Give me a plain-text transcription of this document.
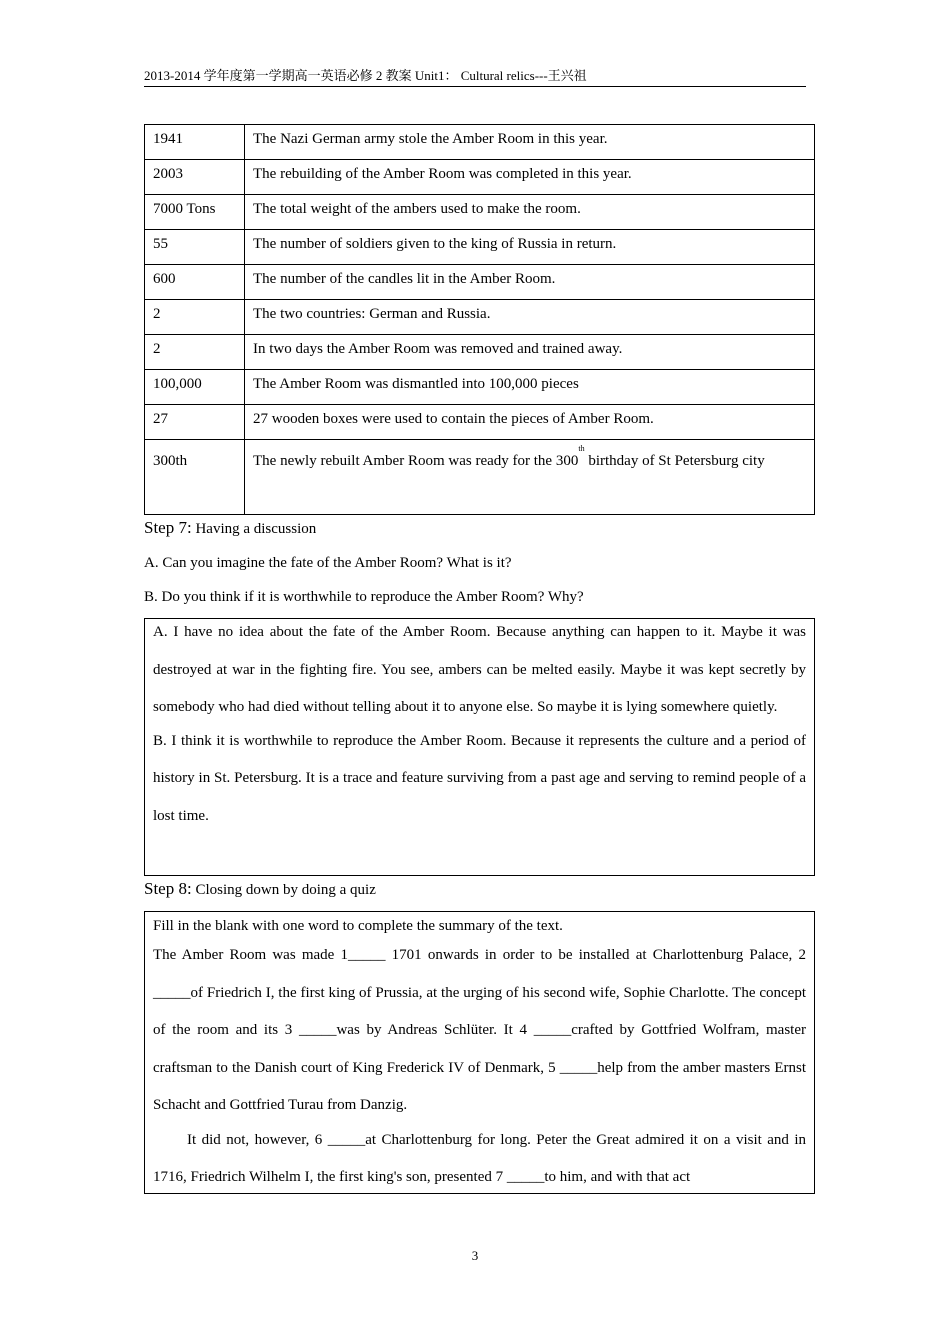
2013-2014 学年度第一学期高一英语必修 2 教案 Unit1： Cultural relics---王兴祖
1941	The Nazi German army stole the Amber Room in this year.
2003	The rebuilding of the Amber Room was completed in this year.
7000 Tons	The total weight of the ambers used to make the room.
55	The number of soldiers given to the king of Russia in return.
600	The number of the candles lit in the Amber Room.
2	The two countries: German and Russia.
2	In two days the Amber Room was removed and trained away.
100,000	The Amber Room was dismantled into 100,000 pieces
27	27 wooden boxes were used to contain the pieces of Amber Room.
300th	The newly rebuilt Amber Room was ready for the 300th birthday of St Petersburg city
Step 7: Having a discussion
A. Can you imagine the fate of the Amber Room? What is it?
B. Do you think if it is worthwhile to reproduce the Amber Room? Why?

A. I have no idea about the fate of the Amber Room. Because anything can happen to it. Maybe it was destroyed at war in the fighting fire. You see, ambers can be melted easily. Maybe it was kept secretly by somebody who had died without telling about it to anyone else. So maybe it is lying somewhere quietly.

B. I think it is worthwhile to reproduce the Amber Room. Because it represents the culture and a period of history in St. Petersburg. It is a trace and feature surviving from a past age and serving to remind people of a lost time.

Step 8: Closing down by doing a quiz

Fill in the blank with one word to complete the summary of the text.

The Amber Room was made 1_____ 1701 onwards in order to be installed at Charlottenburg Palace, 2 _____of Friedrich I, the first king of Prussia, at the urging of his second wife, Sophie Charlotte. The concept of the room and its 3 _____was by Andreas Schlüter. It 4 _____crafted by Gottfried Wolfram, master craftsman to the Danish court of King Frederick IV of Denmark, 5 _____help from the amber masters Ernst Schacht and Gottfried Turau from Danzig.

It did not, however, 6 _____at Charlottenburg for long. Peter the Great admired it on a visit and in 1716, Friedrich Wilhelm I, the first king's son, presented 7 _____to him, and with that act

3
